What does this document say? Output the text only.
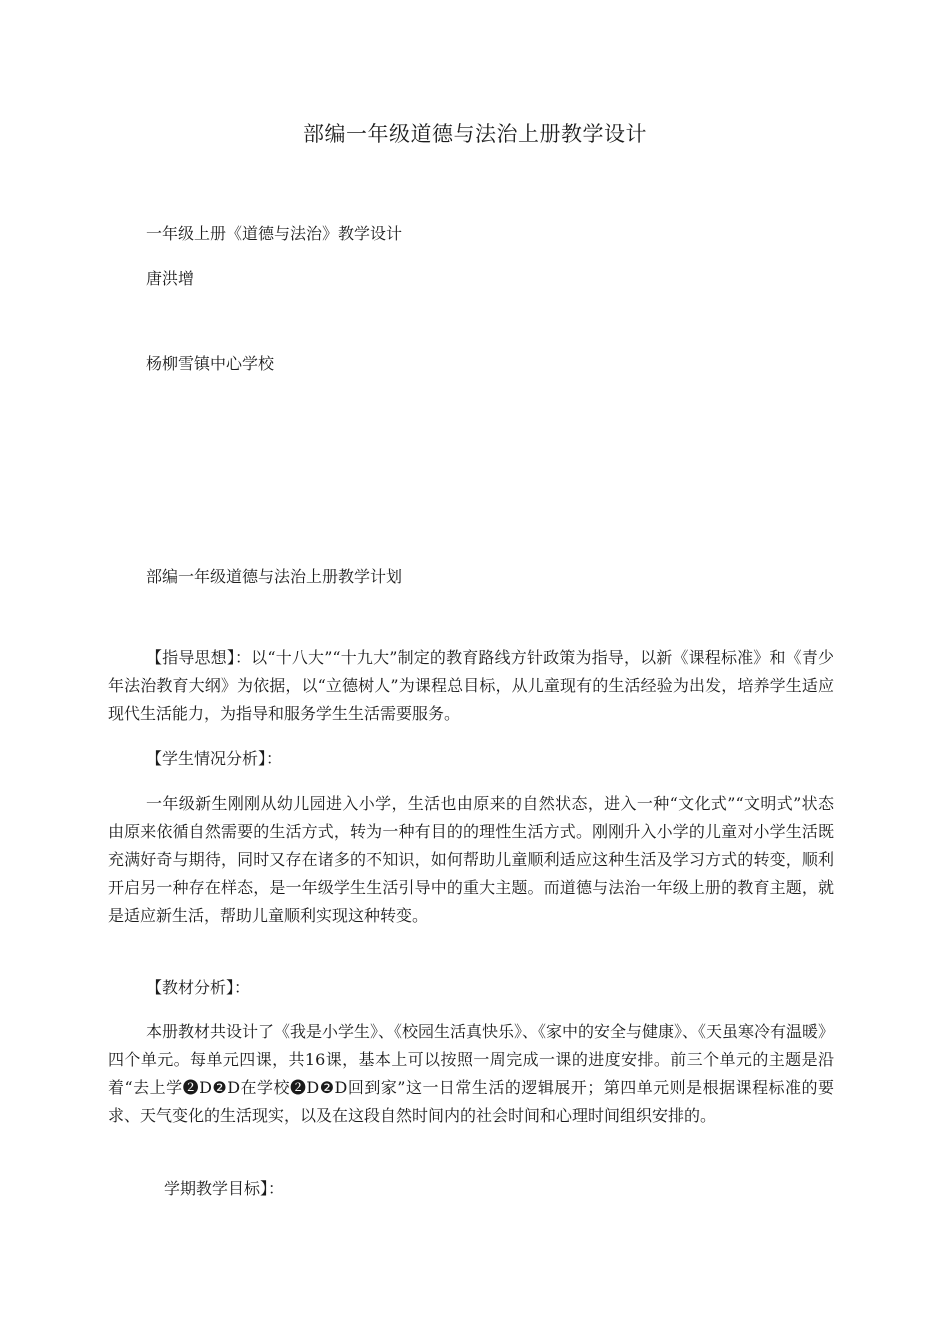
部编一年级道德与法治上册教学设计
一年级上册《道德与法治》教学设计
唐洪增
杨柳雪镇中心学校
部编一年级道德与法治上册教学计划
【指导思想】：以“十八大”“十九大”制定的教育路线方针政策为指导，以新《课程标准》和《青少年法治教育大纲》为依据，以“立德树人”为课程总目标，从儿童现有的生活经验为出发，培养学生适应现代生活能力，为指导和服务学生生活需要服务。
【学生情况分析】：
一年级新生刚刚从幼儿园进入小学，生活也由原来的自然状态，进入一种“文化式”“文明式”状态由原来依循自然需要的生活方式，转为一种有目的的理性生活方式。刚刚升入小学的儿童对小学生活既充满好奇与期待，同时又存在诸多的不知识，如何帮助儿童顺利适应这种生活及学习方式的转变，顺利开启另一种存在样态，是一年级学生生活引导中的重大主题。而道德与法治一年级上册的教育主题，就是适应新生活，帮助儿童顺利实现这种转变。
【教材分析】：
本册教材共设计了《我是小学生》、《校园生活真快乐》、《家中的安全与健康》、《天虽寒冷有温暖》四个单元。每单元四课，共16课，基本上可以按照一周完成一课的进度安排。前三个单元的主题是沿着“去上学❷D❷D在学校❷D❷D回到家”这一日常生活的逻辑展开；第四单元则是根据课程标准的要求、天气变化的生活现实，以及在这段自然时间内的社会时间和心理时间组织安排的。
学期教学目标】：
